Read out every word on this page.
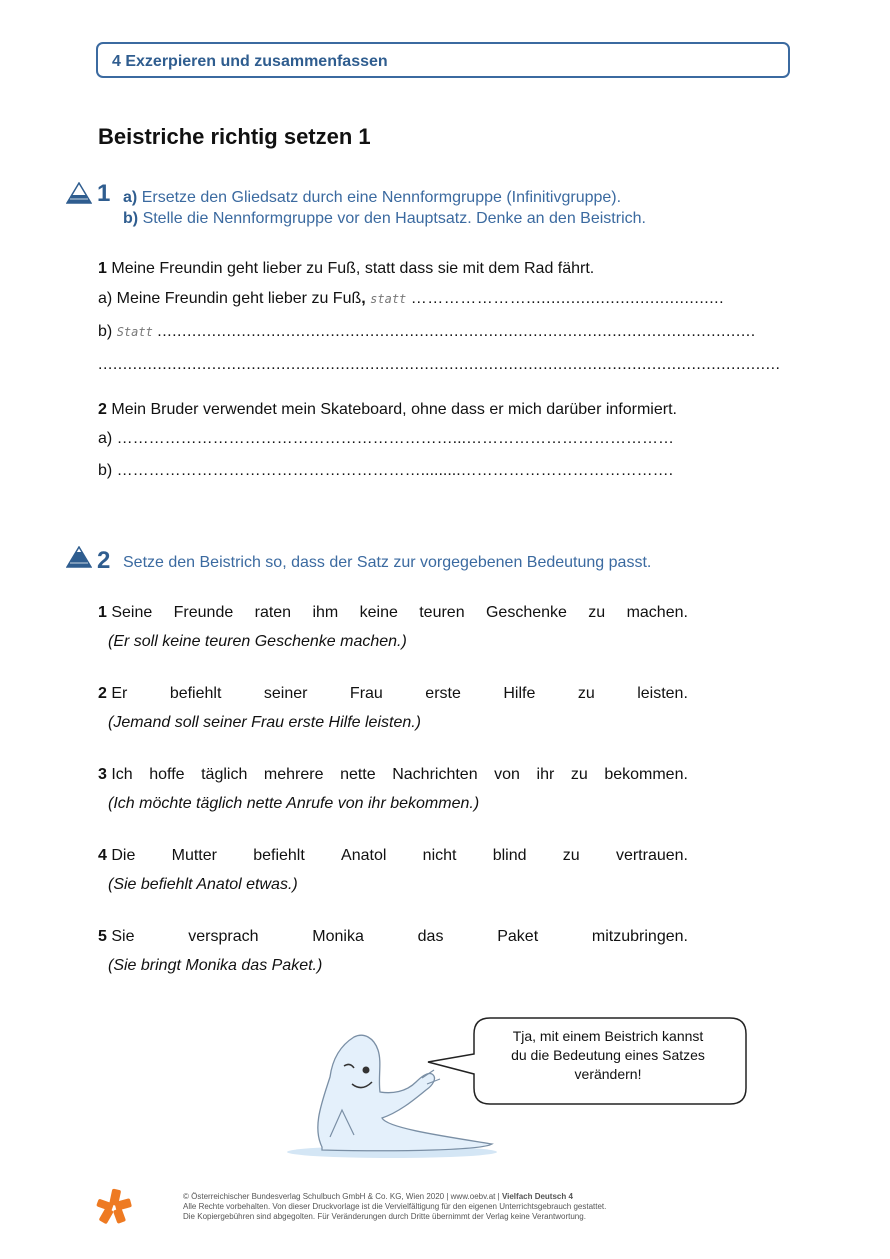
4 Exzerpieren und zusammenfassen
Beistriche richtig setzen 1
1 a) Ersetze den Gliedsatz durch eine Nennformgruppe (Infinitivgruppe).
b) Stelle die Nennformgruppe vor den Hauptsatz. Denke an den Beistrich.
1 Meine Freundin geht lieber zu Fuß, statt dass sie mit dem Rad fährt.
a) Meine Freundin geht lieber zu Fuß, statt …………………........................................
b) Statt .........................................................................................................................
..........................................................................................................................................
2 Mein Bruder verwendet mein Skateboard, ohne dass er mich darüber informiert.
a) ………………………………………………………...…………………………………
b) ………………………………………………….........………………………………….
2 Setze den Beistrich so, dass der Satz zur vorgegebenen Bedeutung passt.
1 Seine Freunde raten ihm keine teuren Geschenke zu machen.
(Er soll keine teuren Geschenke machen.)
2 Er	befiehlt	seiner	Frau	erste	Hilfe	zu	leisten.
(Jemand soll seiner Frau erste Hilfe leisten.)
3 Ich hoffe täglich mehrere nette Nachrichten von ihr zu bekommen.
(Ich möchte täglich nette Anrufe von ihr bekommen.)
4 Die Mutter befiehlt Anatol nicht blind zu vertrauen.
(Sie befiehlt Anatol etwas.)
5 Sie	versprach	Monika	das	Paket	mitzubringen.
(Sie bringt Monika das Paket.)
Tja, mit einem Beistrich kannst
du die Bedeutung eines Satzes
verändern!
© Österreichischer Bundesverlag Schulbuch GmbH & Co. KG, Wien 2020 | www.oebv.at | Vielfach Deutsch 4
Alle Rechte vorbehalten. Von dieser Druckvorlage ist die Vervielfältigung für den eigenen Unterrichtsgebrauch gestattet.
Die Kopiergebühren sind abgegolten. Für Veränderungen durch Dritte übernimmt der Verlag keine Verantwortung.
